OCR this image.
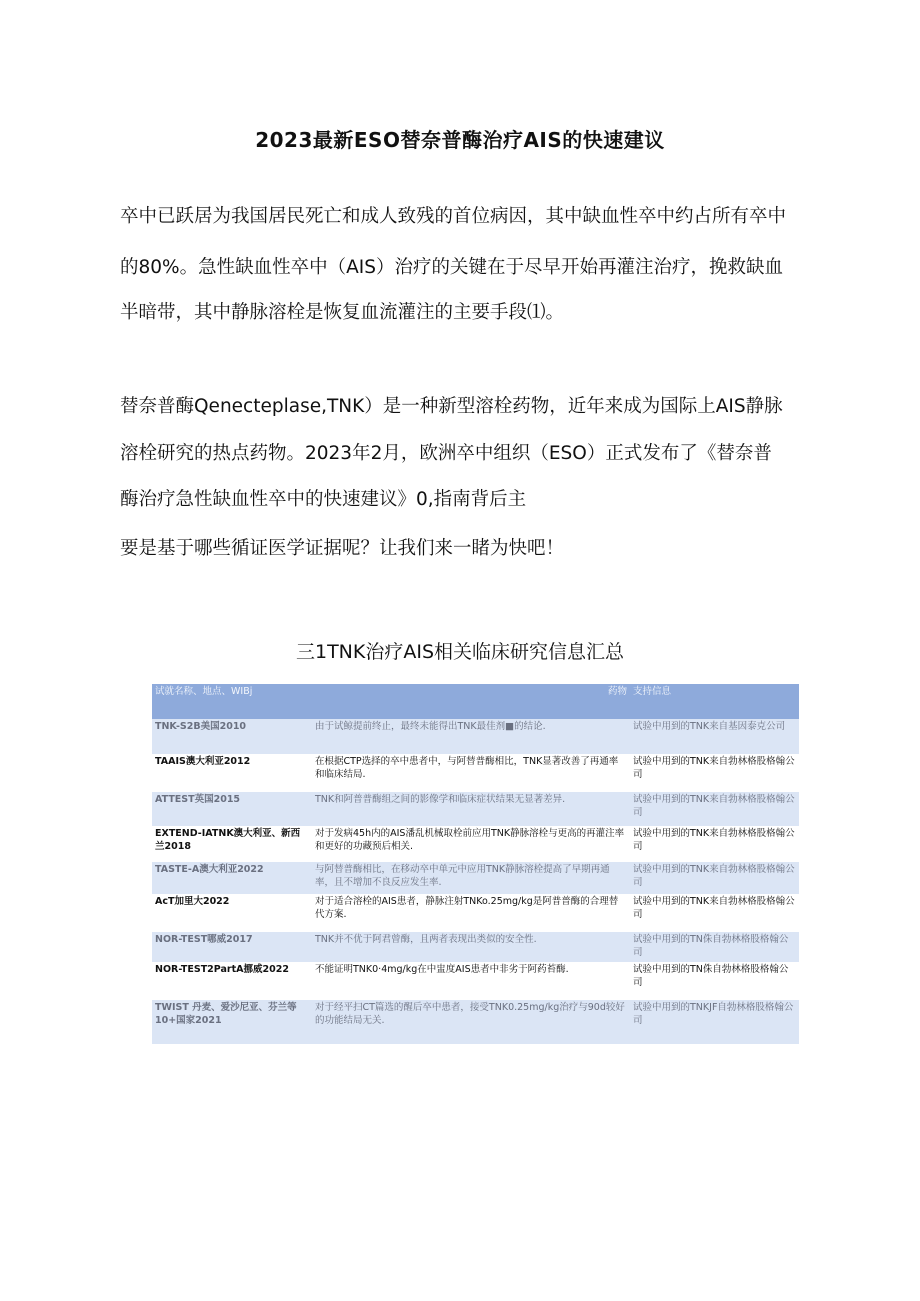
2023最新ESO替奈普酶治疗AIS的快速建议
卒中已跃居为我国居民死亡和成人致残的首位病因，其中缺血性卒中约占所有卒中
的80%。急性缺血性卒中（AIS）治疗的关键在于尽早开始再灌注治疗，挽救缺血
半暗带，其中静脉溶栓是恢复血流灌注的主要手段⑴。
替奈普酶Qenecteplase,TNK）是一种新型溶栓药物，近年来成为国际上AIS静脉
溶栓研究的热点药物。2023年2月，欧洲卒中组织（ESO）正式发布了《替奈普
酶治疗急性缺血性卒中的快速建议》0,指南背后主
要是基于哪些循证医学证据呢？让我们来一睹为快吧！
三1TNK治疗AIS相关临床研究信息汇总
试就名称、地点、WIBj		药物	支持信息
TNK-S2B美国2010	由于试鲸提前终止，最终未能得出TNK最佳剂■的结论.		试验中用到的TNK来自基因泰克公司
TAAIS澳大利亚2012	在根据CTP选择的卒中患者中，与阿替普酶相比，TNK显著改善了再通率和临床结局.		试验中用到的TNK来自勃林格股格翰公司
ATTEST英国2015	TNK和阿普普酶组之间的影像学和临床症状结果无显著差异.		试验中用到的TNK来自勃林格股格翰公司
EXTEND-IATNK澳大利亚、新西兰2018	对于发病45h内的AIS潘乱机械取栓前应用TNK静脉溶栓与更高的再灌注率和更好的功藏预后相关.		试验中用到的TNK来自勃林格股格翰公司
TASTE-A澳大利亚2022	与阿替普酶相比，在移动卒中单元中应用TNK静脉溶栓提高了早期再通率，且不增加不良反应发生率.		试验中用到的TNK来自勃林格股格翰公司
AcT加里大2022	对于适合溶栓的AIS患者，静脉注射TNKo.25mg/kg是阿普普酶的合理替代方案.		试验中用到的TNK来自勃林格股格翰公司
NOR-TEST哪威2017	TNK并不优于阿君曾酶，且两者表现出类似的安全性.		试验中用到的TN侏自勃林格股格翰公司
NOR-TEST2PartA挪威2022	不能证明TNK0·4mg/kg在中盅度AIS患者中非劣于阿药苔酶.		试验中用到的TN侏自勃林格股格翰公司
TWIST 丹麦、爱沙尼亚、芬兰等10+国家2021	对于经平扫CT篇选的醒后卒中患者，接受TNK0.25mg/kg治疗与90d较好的功能结局无关.		试验中用到的TNKJF自勃林格股格翰公司
